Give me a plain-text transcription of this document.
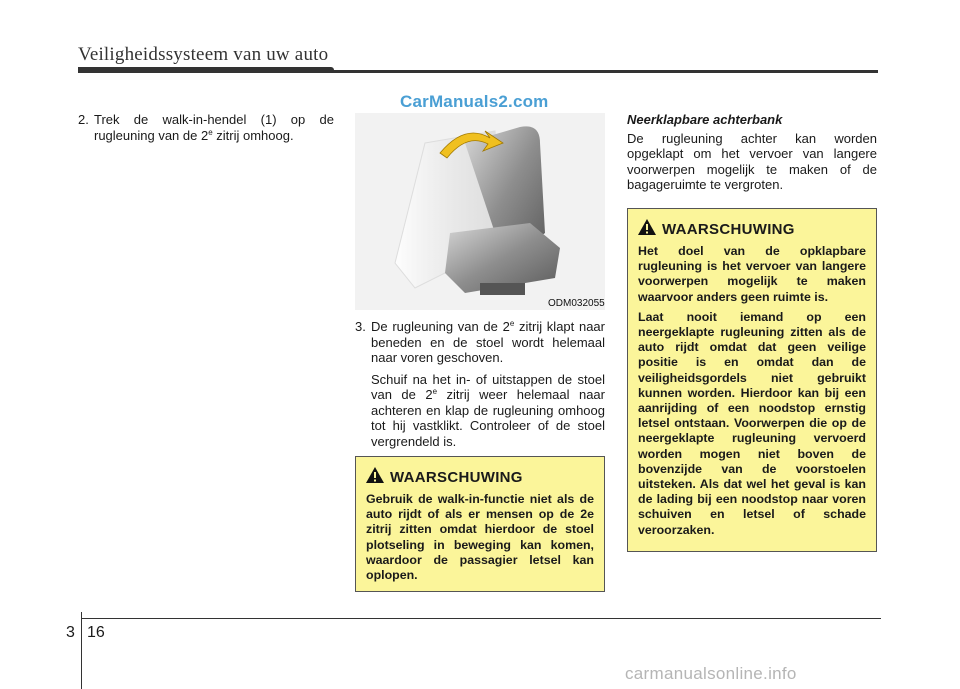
Veiligheidssysteem van uw auto
2. Trek de walk-in-hendel (1) op de rugleuning van de 2e zitrij omhoog.

CarManuals2.com
ODM032055
3. De rugleuning van de 2e zitrij klapt naar beneden en de stoel wordt helemaal naar voren geschoven.

Schuif na het in- of uitstappen de stoel van de 2e zitrij weer helemaal naar achteren en klap de rugleuning omhoog tot hij vastklikt. Controleer of de stoel vergrendeld is.

WAARSCHUWING

Gebruik de walk-in-functie niet als de auto rijdt of als er mensen op de 2e zitrij zitten omdat hierdoor de stoel plotseling in beweging kan komen, waardoor de passagier letsel kan oplopen.

Neerklapbare achterbank
De rugleuning achter kan worden opgeklapt om het vervoer van langere voorwerpen mogelijk te maken of de bagageruimte te vergroten.
WAARSCHUWING

Het doel van de opklapbare rugleuning is het vervoer van langere voorwerpen mogelijk te maken waarvoor anders geen ruimte is.

Laat nooit iemand op een neergeklapte rugleuning zitten als de auto rijdt omdat dat geen veilige positie is en omdat dan de veiligheidsgordels niet gebruikt kunnen worden. Hierdoor kan bij een aanrijding of een noodstop ernstig letsel ontstaan. Voorwerpen die op de neergeklapte rugleuning vervoerd worden mogen niet boven de bovenzijde van de voorstoelen uitsteken. Als dat wel het geval is kan de lading bij een noodstop naar voren schuiven en letsel of schade veroorzaken.

3 16
carmanualsonline.info
